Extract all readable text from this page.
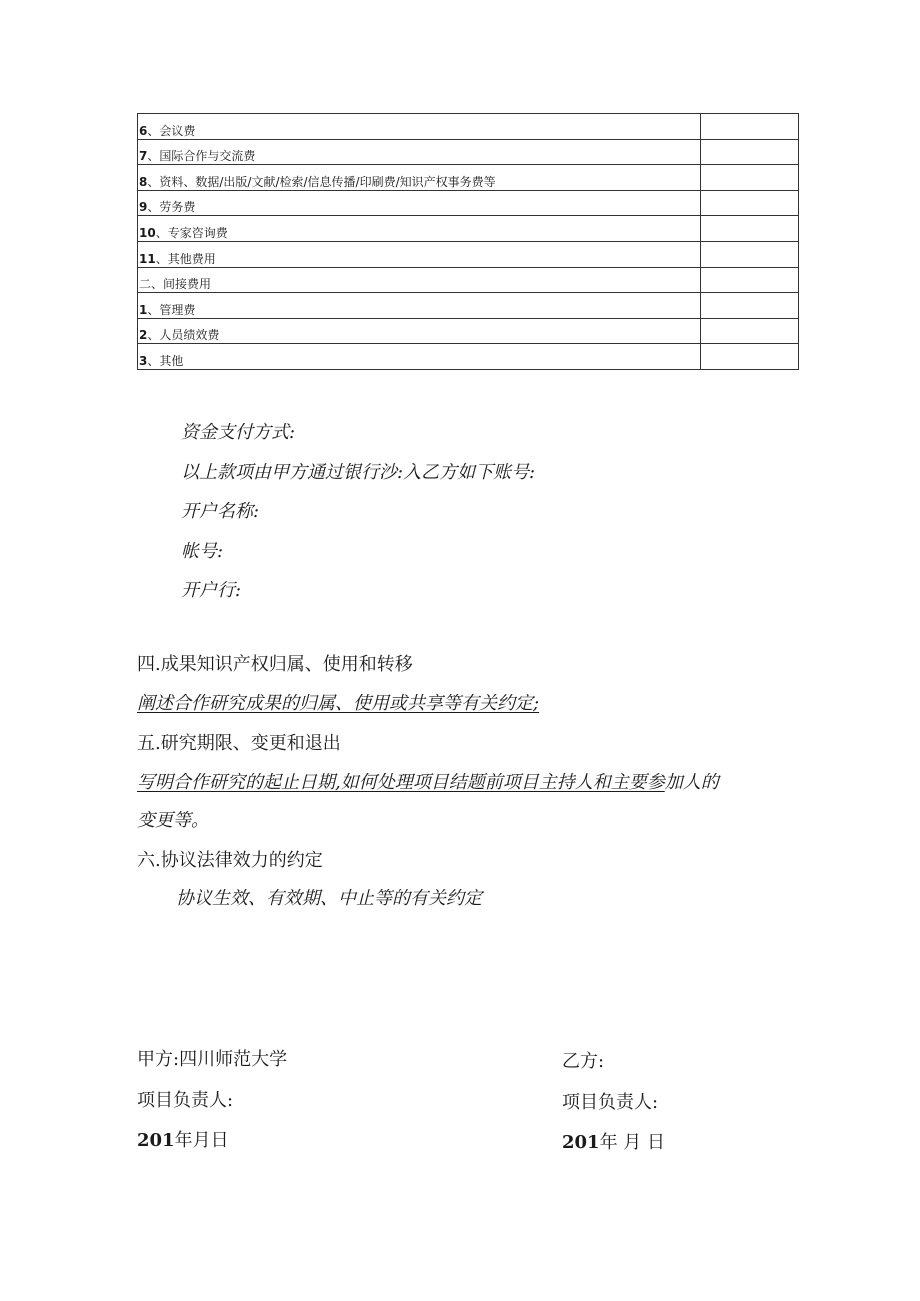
6、会议费	
7、国际合作与交流费	
8、资料、数据/出版/文献/检索/信息传播/印刷费/知识产权事务费等	
9、劳务费	
10、专家咨询费	
11、其他费用	
二、间接费用	
1、管理费	
2、人员绩效费	
3、其他	
资金支付方式:
以上款项由甲方通过银行沙:入乙方如下账号:
开户名称:
帐号:
开户行:
四.成果知识产权归属、使用和转移
阐述合作研究成果的归属、使用或共享等有关约定;
五.研究期限、变更和退出
写明合作研究的起止日期,如何处理项目结题前项目主持人和主要参加人的
变更等。
六.协议法律效力的约定
协议生效、有效期、中止等的有关约定
甲方:四川师范大学	乙方:
项目负责人:	项目负责人:
201年月日	201年 月 日
